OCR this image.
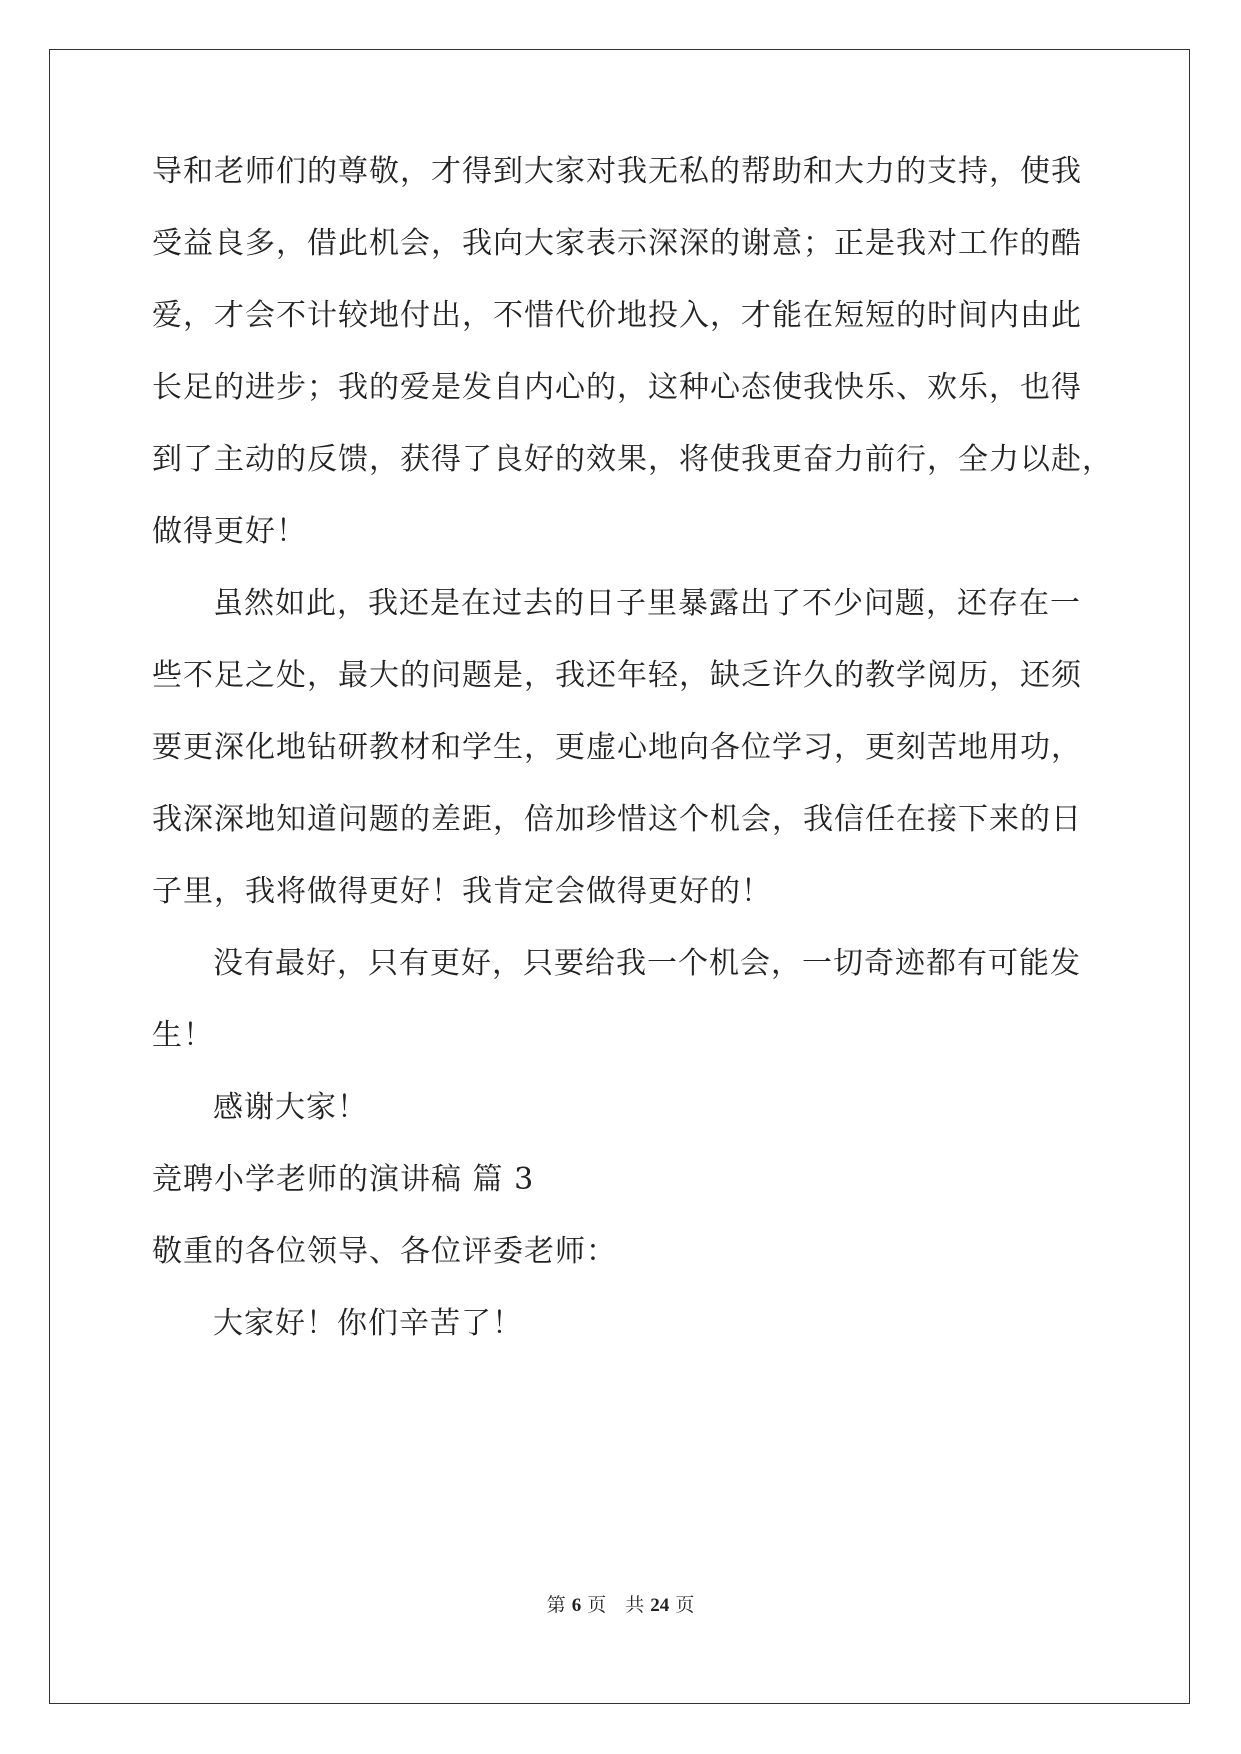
导和老师们的尊敬，才得到大家对我无私的帮助和大力的支持，使我
受益良多，借此机会，我向大家表示深深的谢意；正是我对工作的酷
爱，才会不计较地付出，不惜代价地投入，才能在短短的时间内由此
长足的进步；我的爱是发自内心的，这种心态使我快乐、欢乐，也得
到了主动的反馈，获得了良好的效果，将使我更奋力前行，全力以赴，
做得更好！
虽然如此，我还是在过去的日子里暴露出了不少问题，还存在一
些不足之处，最大的问题是，我还年轻，缺乏许久的教学阅历，还须
要更深化地钻研教材和学生，更虚心地向各位学习，更刻苦地用功，
我深深地知道问题的差距，倍加珍惜这个机会，我信任在接下来的日
子里，我将做得更好！我肯定会做得更好的！
没有最好，只有更好，只要给我一个机会，一切奇迹都有可能发
生！
感谢大家！
竞聘小学老师的演讲稿 篇 3
敬重的各位领导、各位评委老师：
大家好！你们辛苦了！
第 6 页　共 24 页
